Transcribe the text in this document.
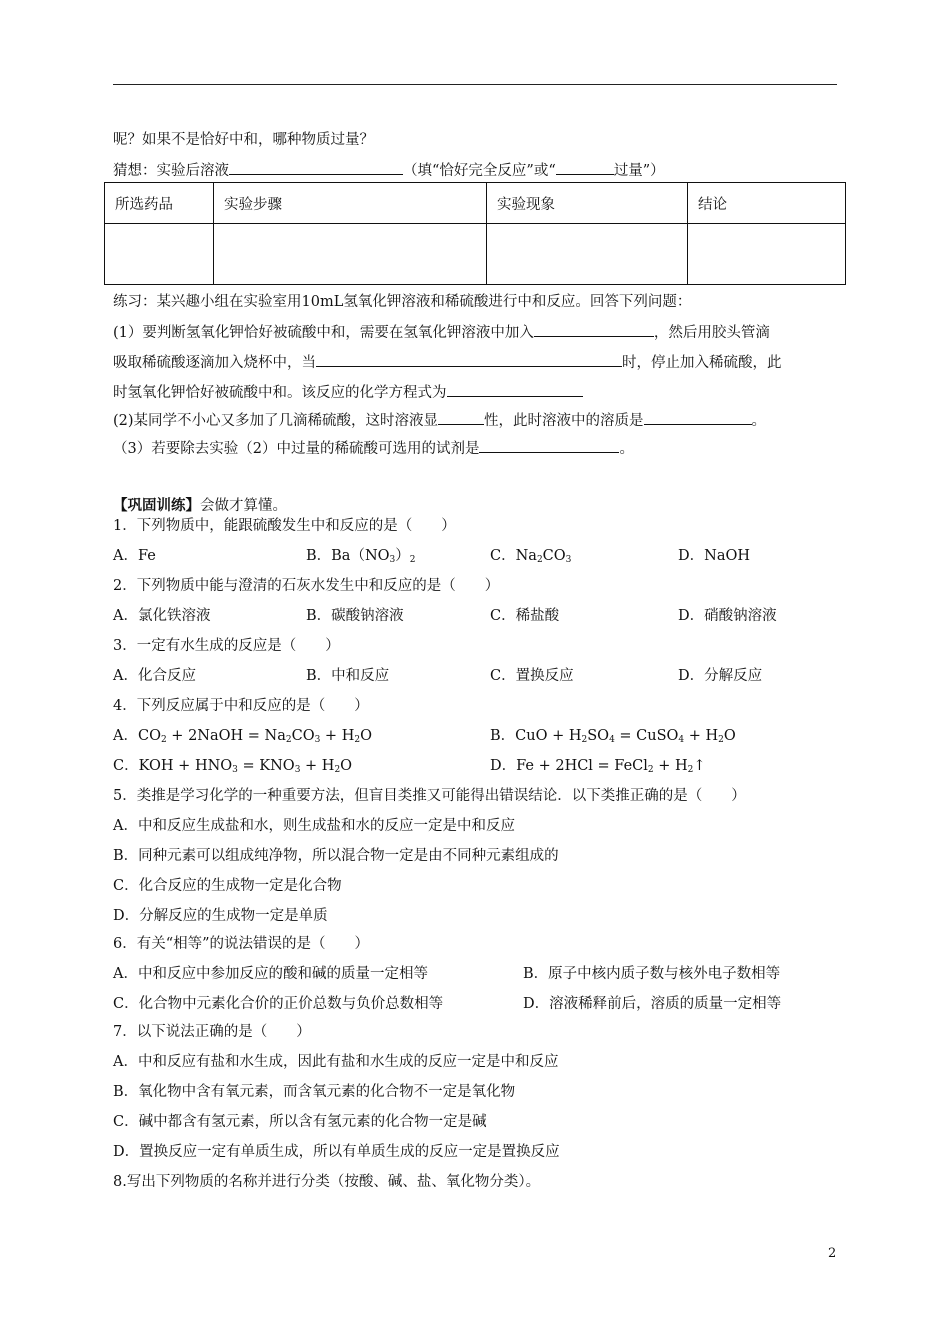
呢？如果不是恰好中和，哪种物质过量？
猜想：实验后溶液	（填“恰好完全反应”或“	过量”）
所选药品	实验步骤	实验现象	结论

练习：某兴趣小组在实验室用10mL氢氧化钾溶液和稀硫酸进行中和反应。回答下列问题：
(1）要判断氢氧化钾恰好被硫酸中和，需要在氢氧化钾溶液中加入	，然后用胶头管滴
吸取稀硫酸逐滴加入烧杯中，当	时，停止加入稀硫酸，此
时氢氧化钾恰好被硫酸中和。该反应的化学方程式为
(2)某同学不小心又多加了几滴稀硫酸，这时溶液显	性，此时溶液中的溶质是	。
（3）若要除去实验（2）中过量的稀硫酸可选用的试剂是	。
【巩固训练】会做才算懂。
1．下列物质中，能跟硫酸发生中和反应的是（　　）
A．Fe	B．$Ba(NO_3)_2$	C．$Na_2CO_3$	D．NaOH
2．下列物质中能与澄清的石灰水发生中和反应的是（　　）
A．氯化铁溶液	B．碳酸钠溶液	C．稀盐酸	D．硝酸钠溶液
3．一定有水生成的反应是（　　）
A．化合反应	B．中和反应	C．置换反应	D．分解反应
4．下列反应属于中和反应的是（　　）
A．$CO_2$ + 2NaOH = $Na_2CO_3 + H_2O$	B．CuO + $H_2SO_4$ = CuSO$_4$ + $H_2O$
C．KOH + $HNO_3 = KNO_3 + H_2O$	D．Fe + 2HCl = FeCl$_2$ + $H_2↑$
5．类推是学习化学的一种重要方法，但盲目类推又可能得出错误结论．以下类推正确的是（　　）
A．中和反应生成盐和水，则生成盐和水的反应一定是中和反应
B．同种元素可以组成纯净物，所以混合物一定是由不同种元素组成的
C．化合反应的生成物一定是化合物
D．分解反应的生成物一定是单质
6．有关“相等”的说法错误的是（　　）
A．中和反应中参加反应的酸和碱的质量一定相等	B．原子中核内质子数与核外电子数相等
C．化合物中元素化合价的正价总数与负价总数相等	D．溶液稀释前后，溶质的质量一定相等
7．以下说法正确的是（　　）
A．中和反应有盐和水生成，因此有盐和水生成的反应一定是中和反应
B．氧化物中含有氧元素，而含氧元素的化合物不一定是氧化物
C．碱中都含有氢元素，所以含有氢元素的化合物一定是碱
D．置换反应一定有单质生成，所以有单质生成的反应一定是置换反应
8.写出下列物质的名称并进行分类（按酸、碱、盐、氧化物分类）。
2
